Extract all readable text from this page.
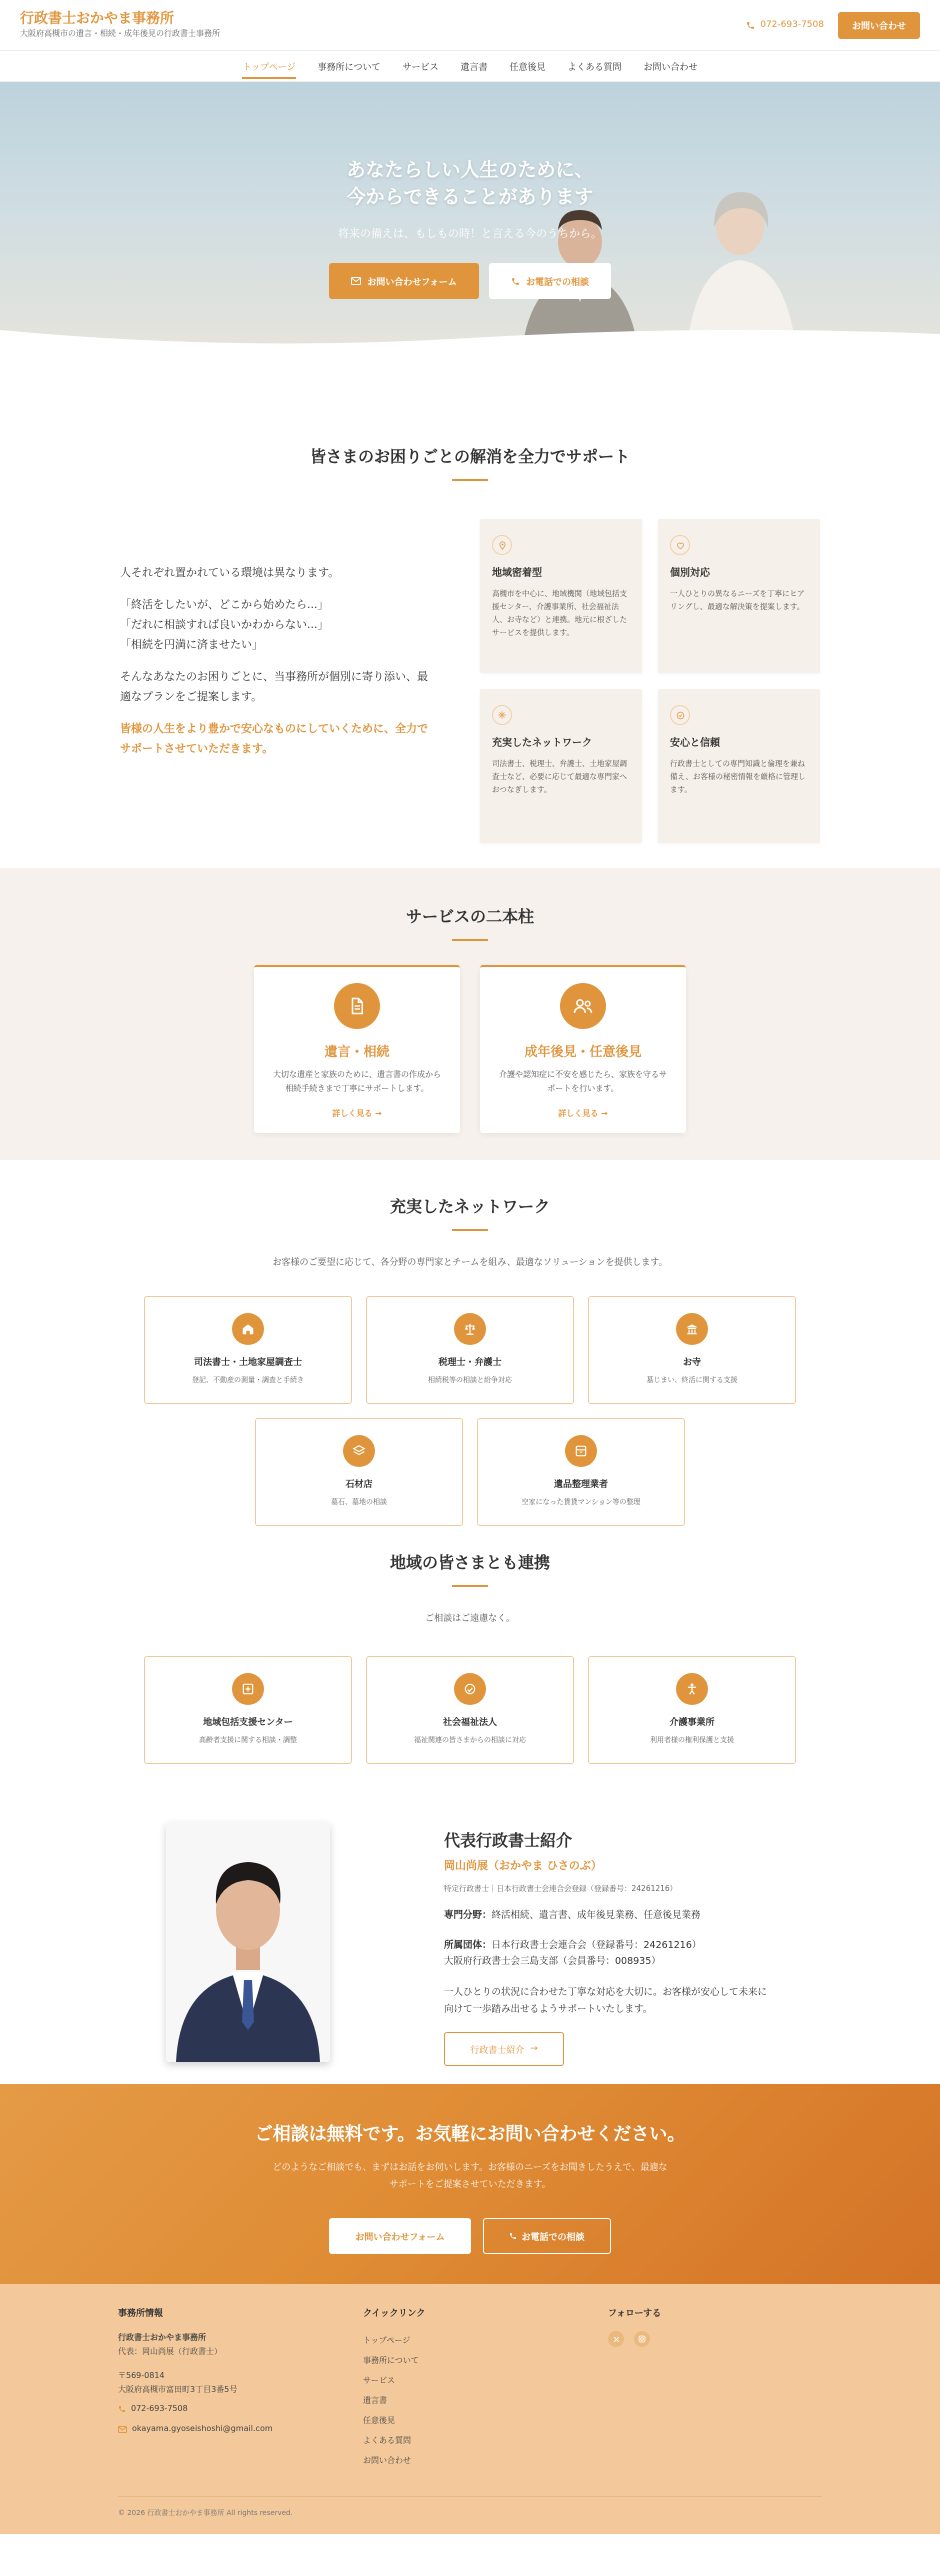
行政書士おかやま事務所
大阪府高槻市の遺言・相続・成年後見の行政書士事務所
072-693-7508	お問い合わせ
トップページ 事務所について サービス 遺言書 任意後見 よくある質問 お問い合わせ
あなたらしい人生のために、
今からできることがあります
将来の備えは、もしもの時！と言える今のうちから。
お問い合わせフォーム	お電話での相談
皆さまのお困りごとの解消を全力でサポート

人それぞれ置かれている環境は異なります。

「終活をしたいが、どこから始めたら...」
「だれに相談すれば良いかわからない...」

「相続を円満に済ませたい」

そんなあなたのお困りごとに、当事務所が個別に寄り添い、最適なプランをご提案します。

皆様の人生をより豊かで安心なものにしていくために、全力でサポートさせていただきます。

地域密着型
高槻市を中心に、地域機関（地域包括支援センター、介護事業所、社会福祉法人、お寺など）と連携。地元に根ざしたサービスを提供します。
個別対応
一人ひとりの異なるニーズを丁寧にヒアリングし、最適な解決策を提案します。
充実したネットワーク
司法書士、税理士、弁護士、土地家屋調査士など、必要に応じて最適な専門家へおつなぎします。
安心と信頼
行政書士としての専門知識と倫理を兼ね備え、お客様の秘密情報を厳格に管理します。
サービスの二本柱
遺言・相続
大切な遺産と家族のために、遺言書の作成から相続手続きまで丁寧にサポートします。
詳しく見る →
成年後見・任意後見
介護や認知症に不安を感じたら、家族を守るサポートを行います。
詳しく見る →
充実したネットワーク
お客様のご要望に応じて、各分野の専門家とチームを組み、最適なソリューションを提供します。
司法書士・土地家屋調査士
登記、不動産の測量・調査と手続き
税理士・弁護士
相続税等の相談と紛争対応
お寺
墓じまい、終活に関する支援
石材店
墓石、墓地の相談
遺品整理業者
空家になった賃貸マンション等の整理
地域の皆さまとも連携
ご相談はご遠慮なく。
地域包括支援センター
高齢者支援に関する相談・調整
社会福祉法人
福祉関連の皆さまからの相談に対応
介護事業所
利用者様の権利保護と支援
代表行政書士紹介
岡山尚展（おかやま ひさのぶ）
特定行政書士｜日本行政書士会連合会登録（登録番号：24261216）
専門分野：終活相続、遺言書、成年後見業務、任意後見業務
所属団体：日本行政書士会連合会（登録番号：24261216）
大阪府行政書士会三島支部（会員番号：008935）
一人ひとりの状況に合わせた丁寧な対応を大切に。お客様が安心して未来に向けて一歩踏み出せるようサポートいたします。
行政書士紹介 →
ご相談は無料です。お気軽にお問い合わせください。
どのようなご相談でも、まずはお話をお伺いします。お客様のニーズをお聞きしたうえで、最適なサポートをご提案させていただきます。
お問い合わせフォーム	お電話での相談
事務所情報
行政書士おかやま事務所
代表：岡山尚展（行政書士）
〒569-0814
大阪府高槻市富田町3丁目3番5号
072-693-7508
okayama.gyoseishoshi@gmail.com
クイックリンク
トップページ
事務所について
サービス
遺言書
任意後見
よくある質問
お問い合わせ
フォローする
© 2026 行政書士おかやま事務所 All rights reserved.
